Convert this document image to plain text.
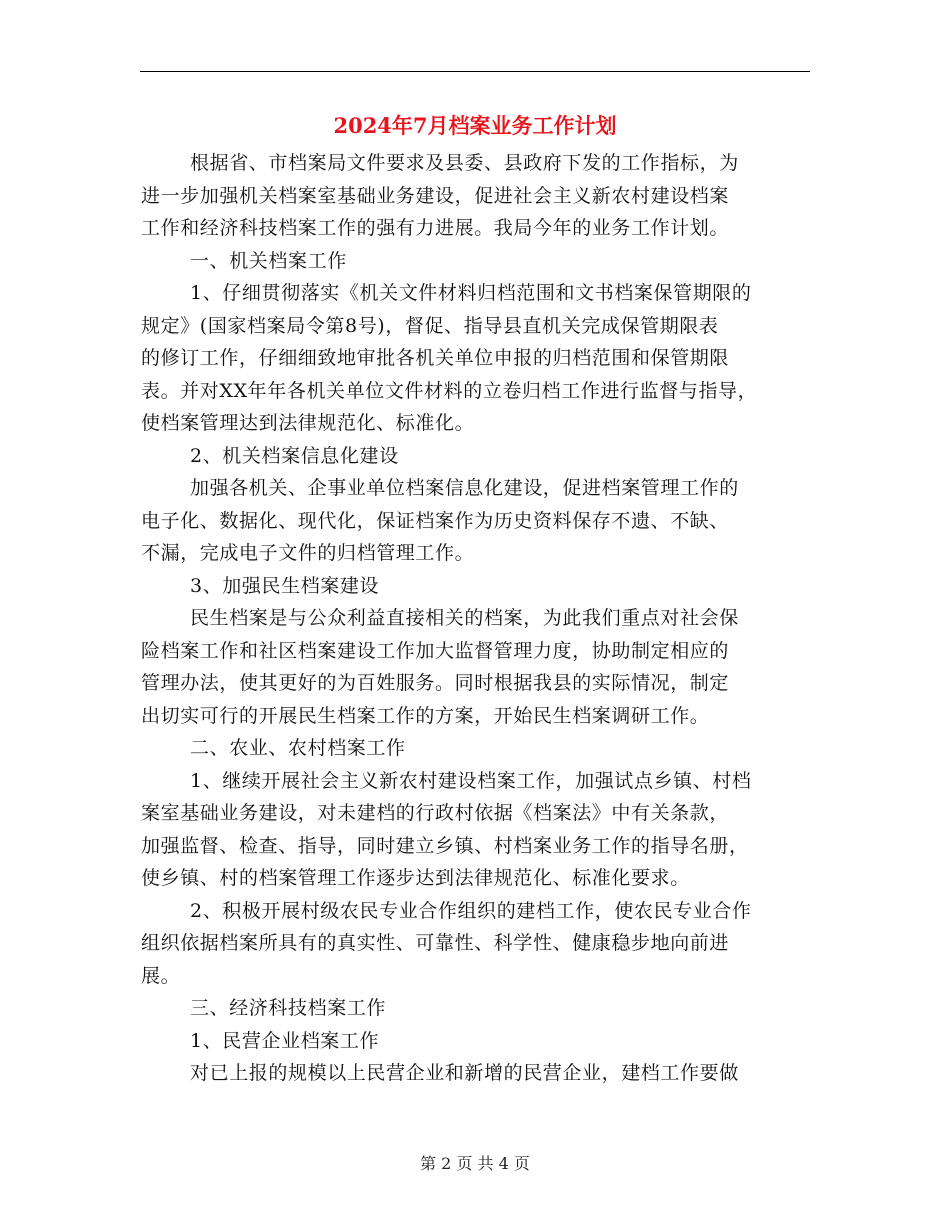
2024年7月档案业务工作计划
根据省、市档案局文件要求及县委、县政府下发的工作指标，为
进一步加强机关档案室基础业务建设，促进社会主义新农村建设档案
工作和经济科技档案工作的强有力进展。我局今年的业务工作计划。
一、机关档案工作
1、仔细贯彻落实《机关文件材料归档范围和文书档案保管期限的
规定》(国家档案局令第8号)，督促、指导县直机关完成保管期限表
的修订工作，仔细细致地审批各机关单位申报的归档范围和保管期限
表。并对XX年年各机关单位文件材料的立卷归档工作进行监督与指导，
使档案管理达到法律规范化、标准化。
2、机关档案信息化建设
加强各机关、企事业单位档案信息化建设，促进档案管理工作的
电子化、数据化、现代化，保证档案作为历史资料保存不遗、不缺、
不漏，完成电子文件的归档管理工作。
3、加强民生档案建设
民生档案是与公众利益直接相关的档案，为此我们重点对社会保
险档案工作和社区档案建设工作加大监督管理力度，协助制定相应的
管理办法，使其更好的为百姓服务。同时根据我县的实际情况，制定
出切实可行的开展民生档案工作的方案，开始民生档案调研工作。
二、农业、农村档案工作
1、继续开展社会主义新农村建设档案工作，加强试点乡镇、村档
案室基础业务建设，对未建档的行政村依据《档案法》中有关条款，
加强监督、检查、指导，同时建立乡镇、村档案业务工作的指导名册，
使乡镇、村的档案管理工作逐步达到法律规范化、标准化要求。
2、积极开展村级农民专业合作组织的建档工作，使农民专业合作
组织依据档案所具有的真实性、可靠性、科学性、健康稳步地向前进
展。
三、经济科技档案工作
1、民营企业档案工作
对已上报的规模以上民营企业和新增的民营企业，建档工作要做
第 2 页 共 4 页
